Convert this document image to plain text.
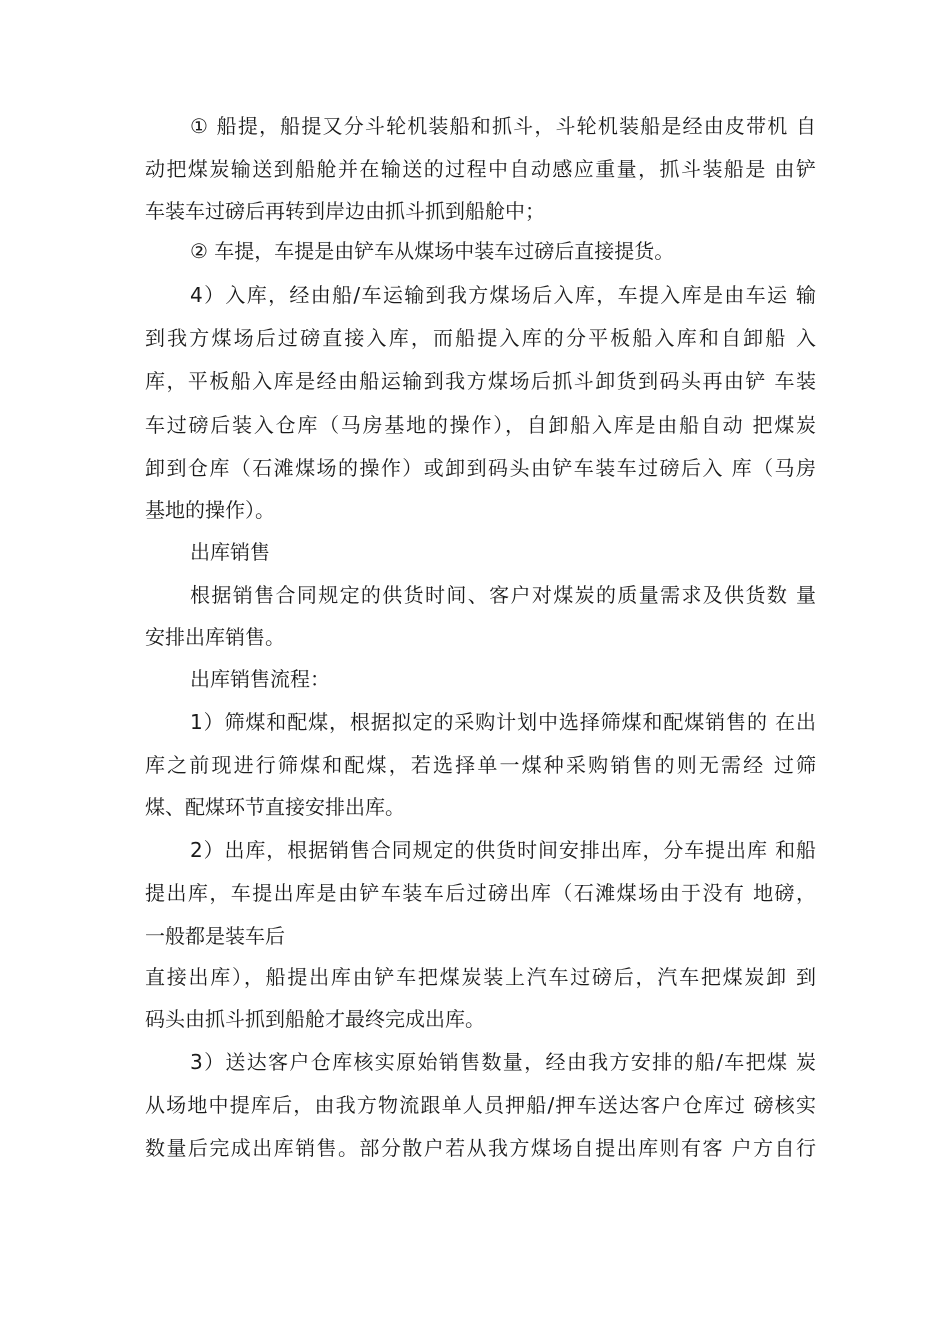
① 船提，船提又分斗轮机装船和抓斗，斗轮机装船是经由皮带机 自

动把煤炭输送到船舱并在输送的过程中自动感应重量，抓斗装船是 由铲

车装车过磅后再转到岸边由抓斗抓到船舱中；

② 车提，车提是由铲车从煤场中装车过磅后直接提货。

4）入库，经由船/车运输到我方煤场后入库，车提入库是由车运 输

到我方煤场后过磅直接入库，而船提入库的分平板船入库和自卸船 入

库，平板船入库是经由船运输到我方煤场后抓斗卸货到码头再由铲 车装

车过磅后装入仓库（马房基地的操作），自卸船入库是由船自动 把煤炭

卸到仓库（石滩煤场的操作）或卸到码头由铲车装车过磅后入 库（马房

基地的操作）。

出库销售

根据销售合同规定的供货时间、客户对煤炭的质量需求及供货数 量

安排出库销售。

出库销售流程：

1）筛煤和配煤，根据拟定的采购计划中选择筛煤和配煤销售的 在出

库之前现进行筛煤和配煤，若选择单一煤种采购销售的则无需经 过筛

煤、配煤环节直接安排出库。

2）出库，根据销售合同规定的供货时间安排出库，分车提出库 和船

提出库，车提出库是由铲车装车后过磅出库（石滩煤场由于没有 地磅，

一般都是装车后

直接出库），船提出库由铲车把煤炭装上汽车过磅后，汽车把煤炭卸 到

码头由抓斗抓到船舱才最终完成出库。

3）送达客户仓库核实原始销售数量，经由我方安排的船/车把煤 炭

从场地中提库后，由我方物流跟单人员押船/押车送达客户仓库过 磅核实

数量后完成出库销售。部分散户若从我方煤场自提出库则有客 户方自行
